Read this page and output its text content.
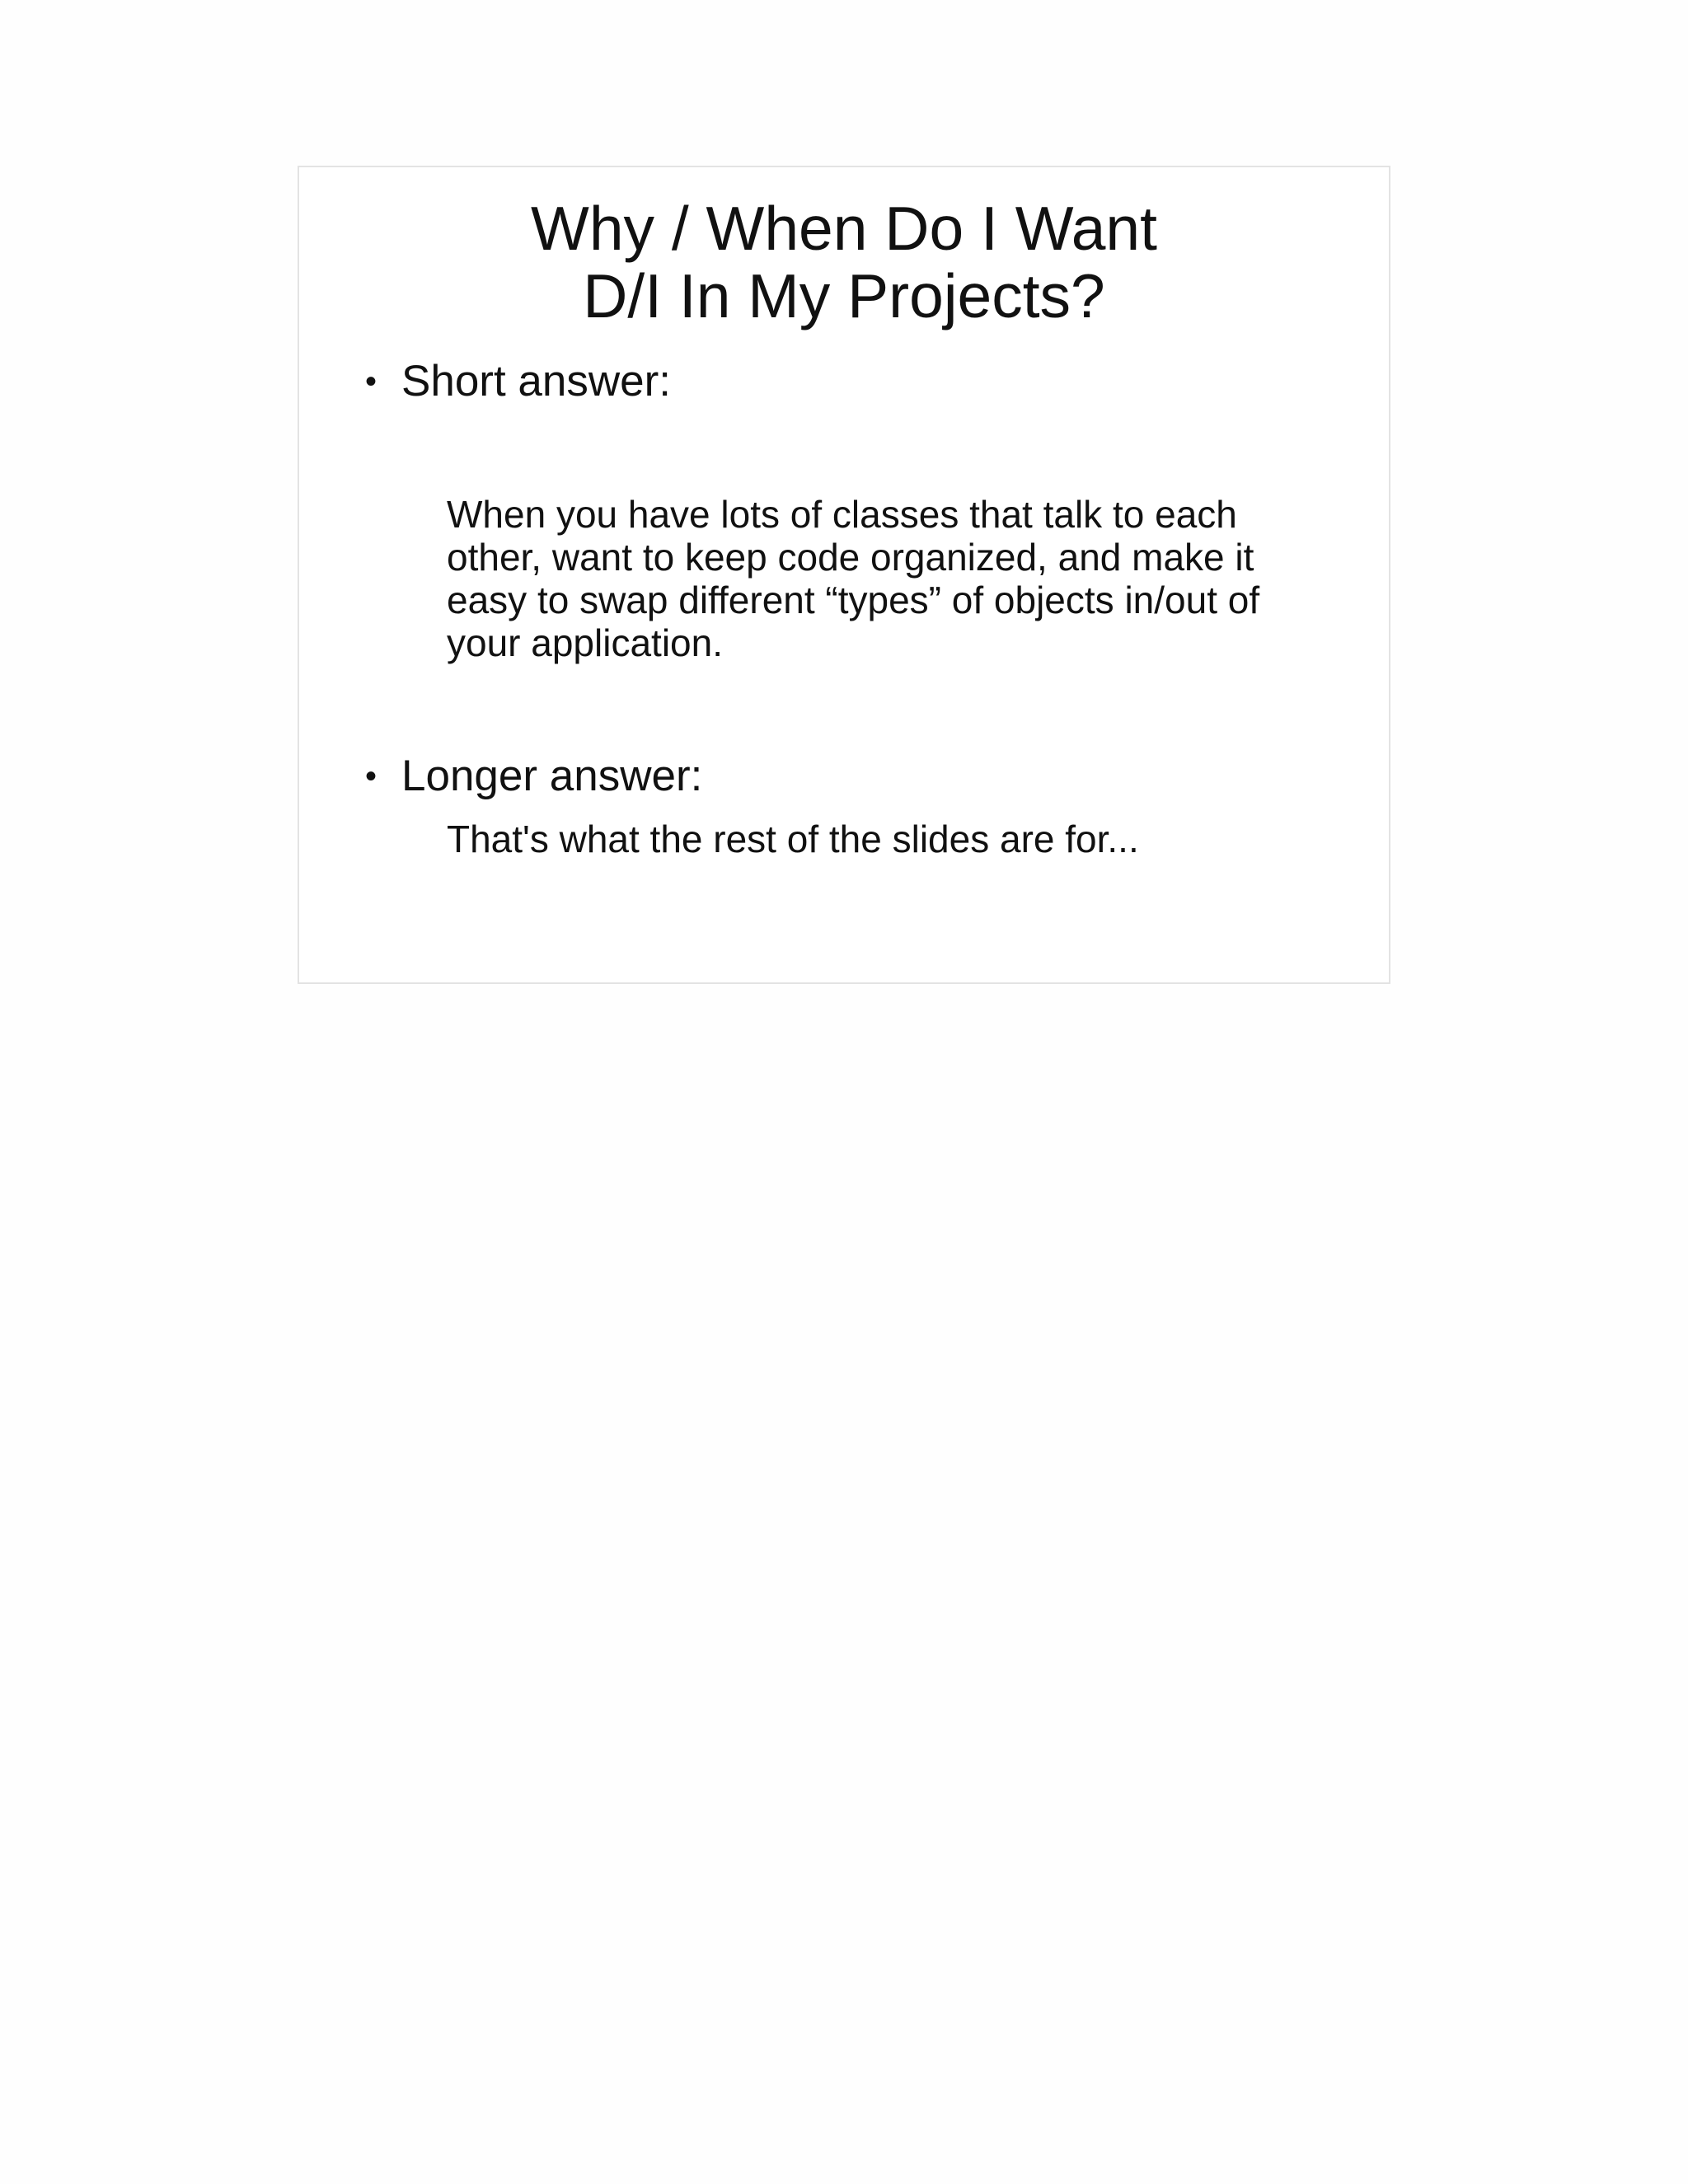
Why / When Do I Want
D/I In My Projects?
• Short answer:
When you have lots of classes that talk to each other, want to keep code organized, and make it easy to swap different “types” of objects in/out of your application.
• Longer answer:
That's what the rest of the slides are for...
